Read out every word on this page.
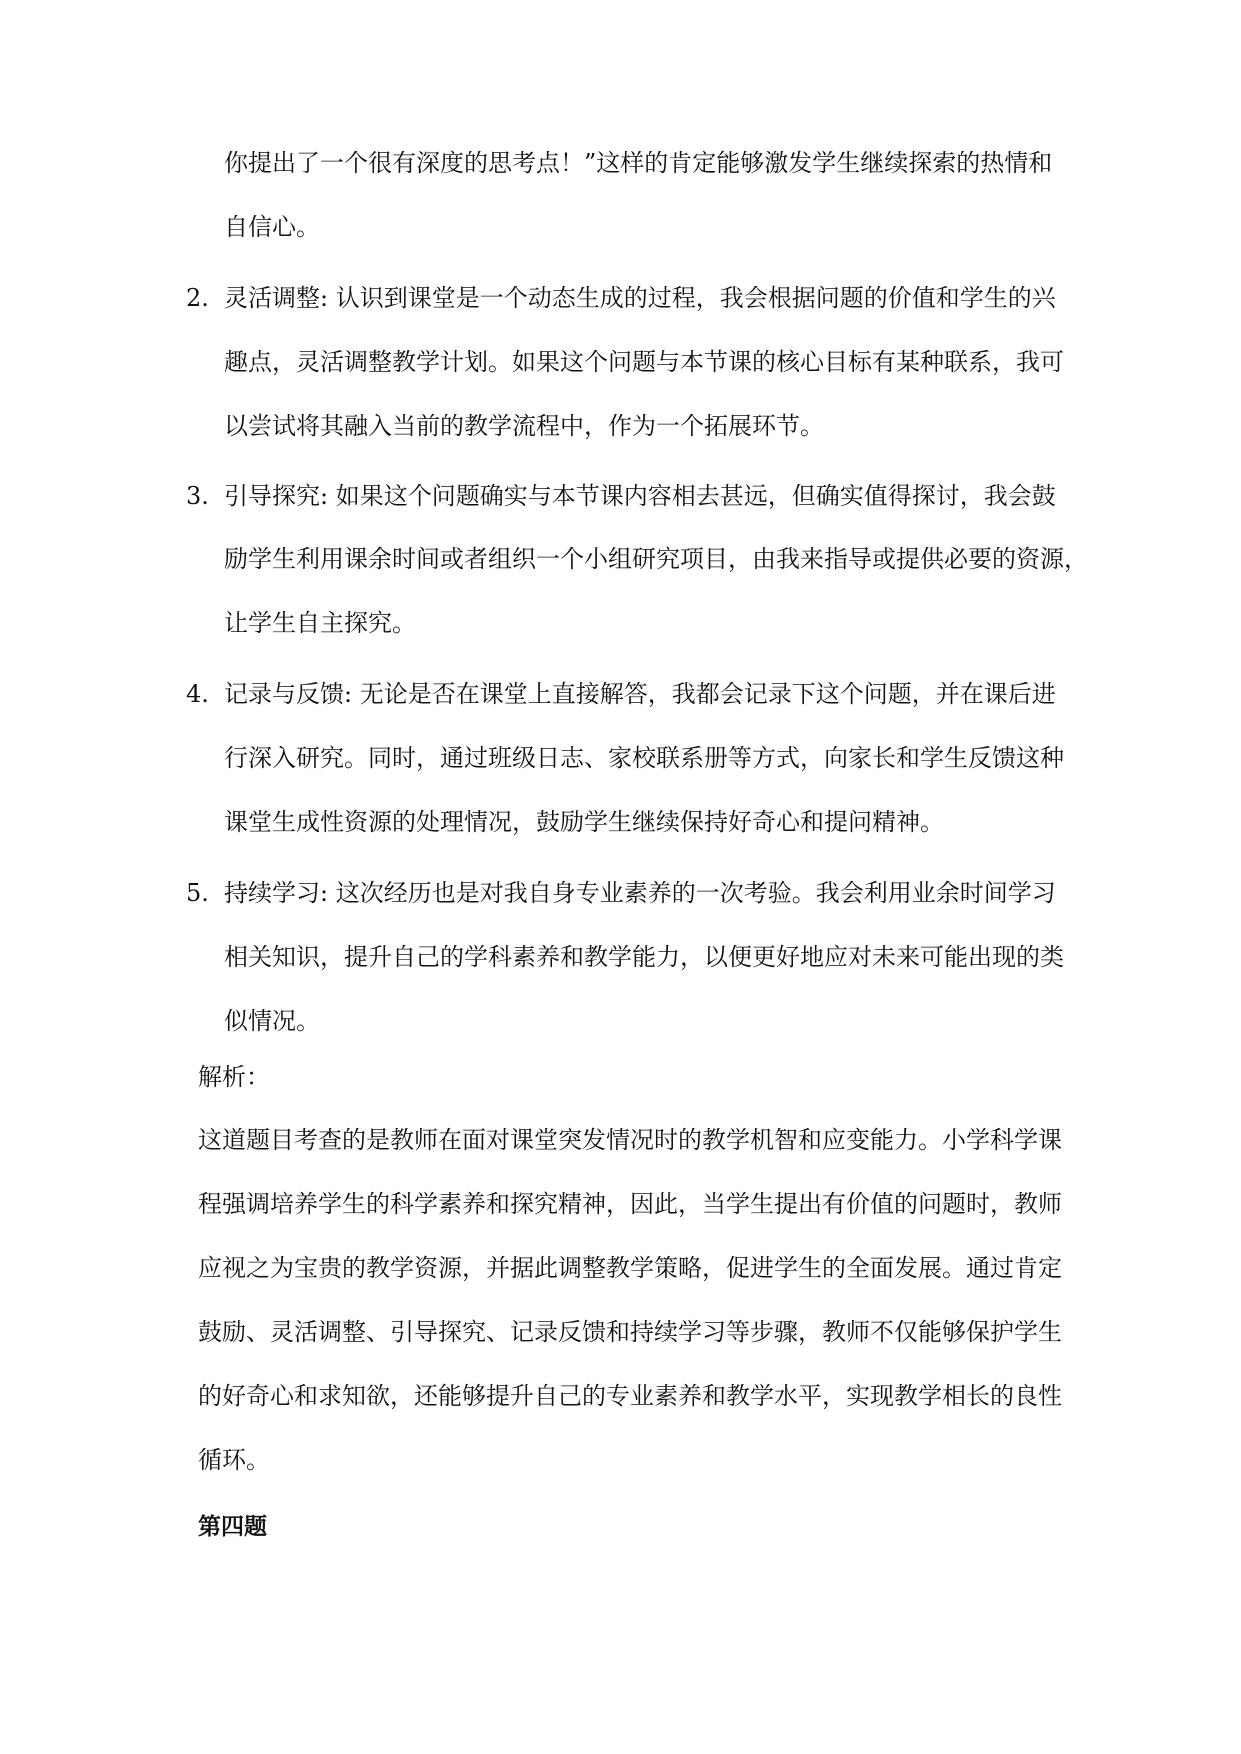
你提出了一个很有深度的思考点！”这样的肯定能够激发学生继续探索的热情和
自信心。
2. 灵活调整: 认识到课堂是一个动态生成的过程，我会根据问题的价值和学生的兴
趣点，灵活调整教学计划。如果这个问题与本节课的核心目标有某种联系，我可
以尝试将其融入当前的教学流程中，作为一个拓展环节。
3. 引导探究: 如果这个问题确实与本节课内容相去甚远，但确实值得探讨，我会鼓
励学生利用课余时间或者组织一个小组研究项目，由我来指导或提供必要的资源，
让学生自主探究。
4. 记录与反馈: 无论是否在课堂上直接解答，我都会记录下这个问题，并在课后进
行深入研究。同时，通过班级日志、家校联系册等方式，向家长和学生反馈这种
课堂生成性资源的处理情况，鼓励学生继续保持好奇心和提问精神。
5. 持续学习: 这次经历也是对我自身专业素养的一次考验。我会利用业余时间学习
相关知识，提升自己的学科素养和教学能力，以便更好地应对未来可能出现的类
似情况。
解析：
这道题目考查的是教师在面对课堂突发情况时的教学机智和应变能力。小学科学课
程强调培养学生的科学素养和探究精神，因此，当学生提出有价值的问题时，教师
应视之为宝贵的教学资源，并据此调整教学策略，促进学生的全面发展。通过肯定
鼓励、灵活调整、引导探究、记录反馈和持续学习等步骤，教师不仅能够保护学生
的好奇心和求知欲，还能够提升自己的专业素养和教学水平，实现教学相长的良性
循环。
第四题
